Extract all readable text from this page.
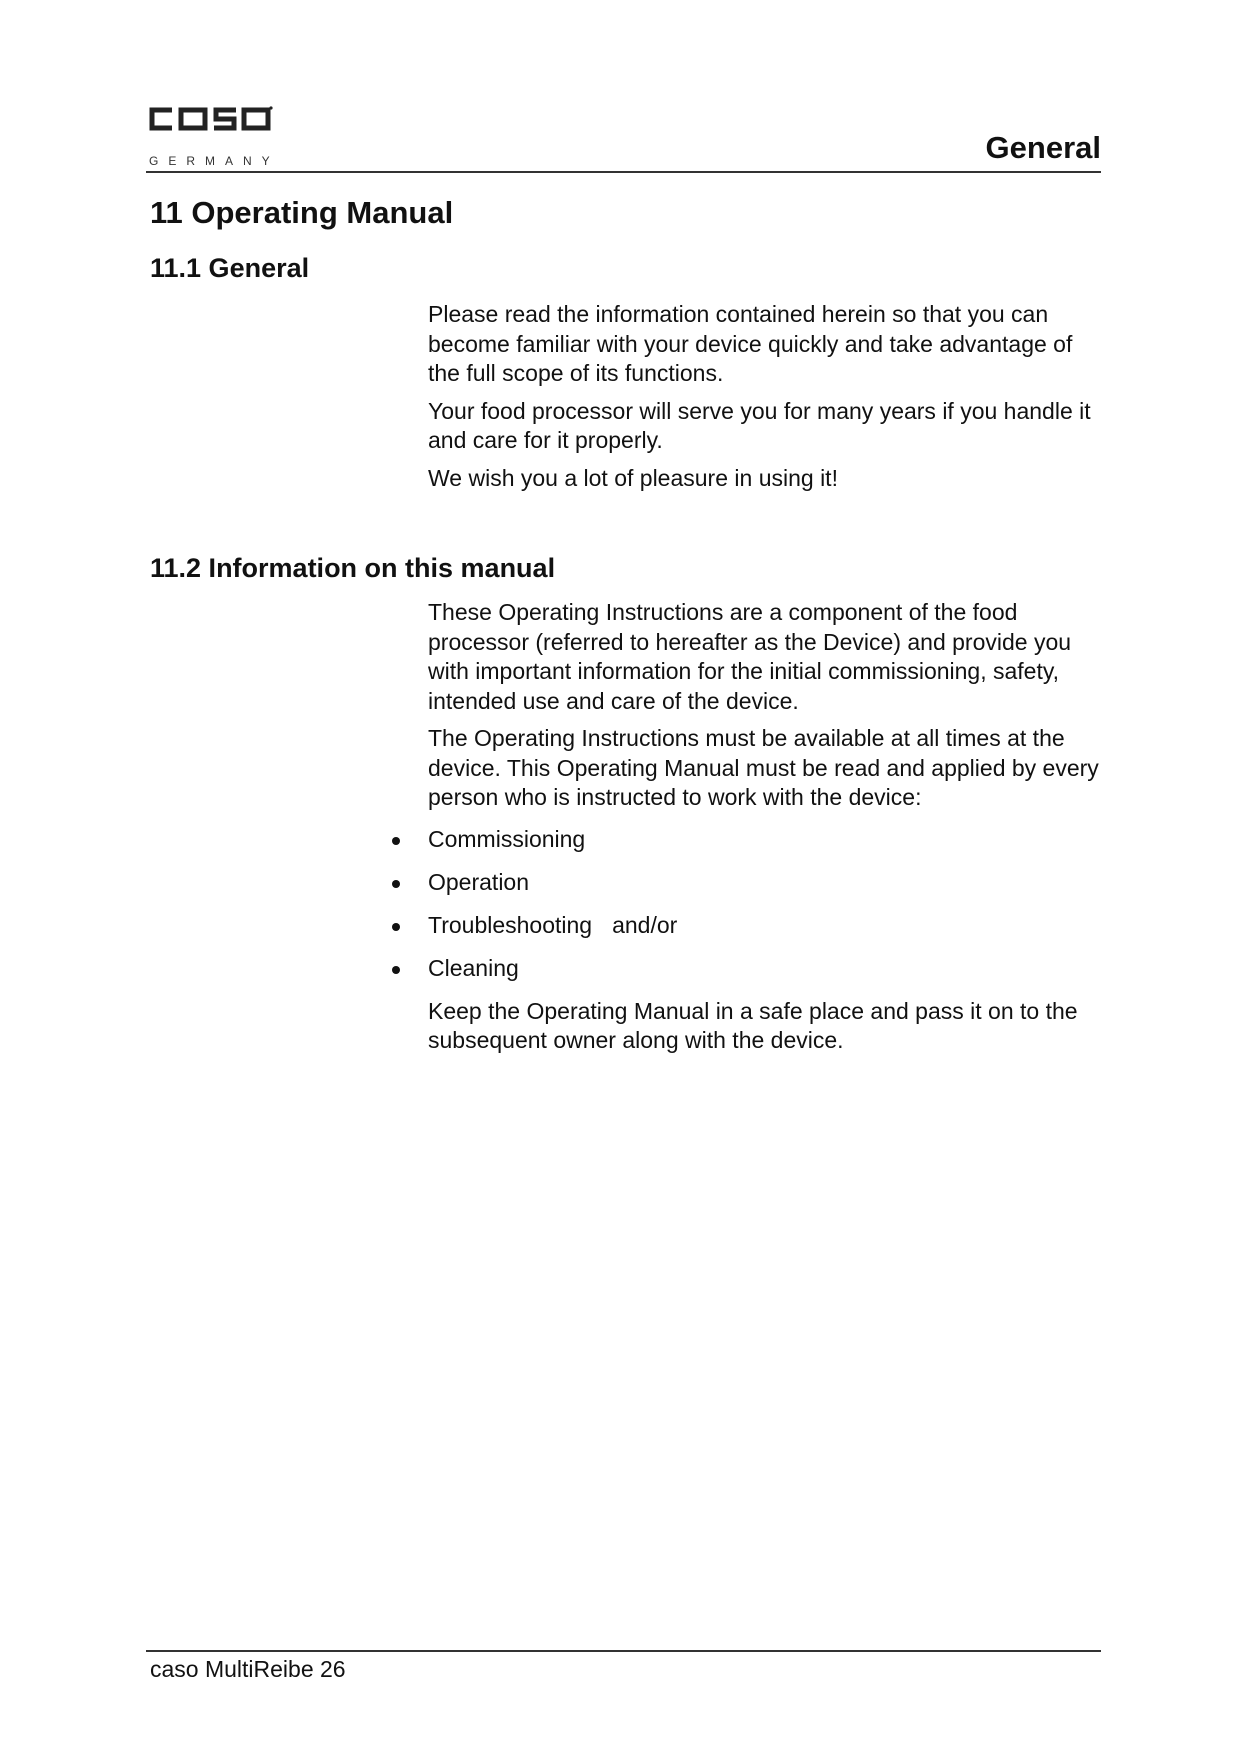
GERMANY	General
11 Operating Manual
11.1 General

Please read the information contained herein so that you can become familiar with your device quickly and take advantage of the full scope of its functions.

Your food processor will serve you for many years if you handle it and care for it properly.

We wish you a lot of pleasure in using it!

11.2 Information on this manual

These Operating Instructions are a component of the food processor (referred to hereafter as the Device) and provide you with important information for the initial commissioning, safety, intended use and care of the device.

The Operating Instructions must be available at all times at the device. This Operating Manual must be read and applied by every person who is instructed to work with the device:

Commissioning
Operation
Troubleshooting and/or
Cleaning

Keep the Operating Manual in a safe place and pass it on to the subsequent owner along with the device.

caso MultiReibe 26
